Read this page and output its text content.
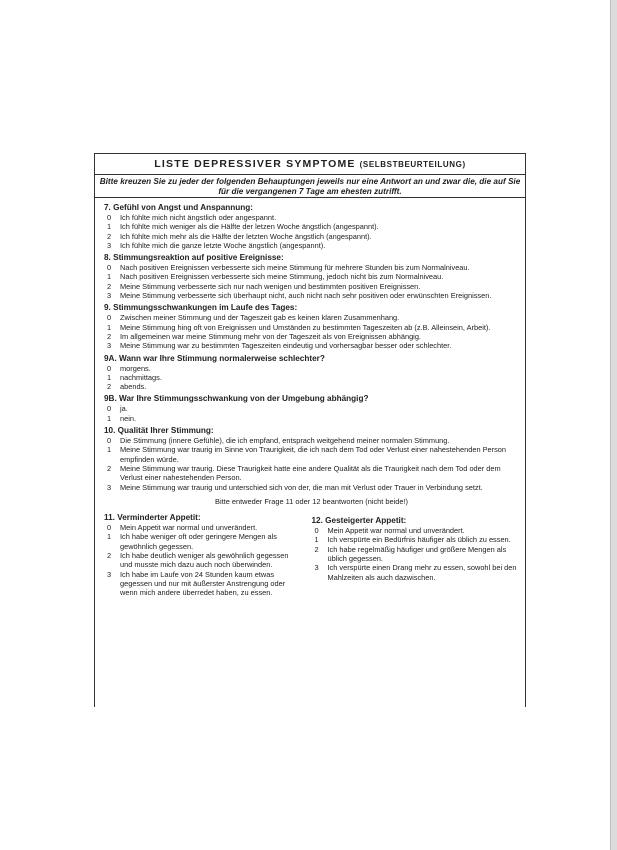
LISTE DEPRESSIVER SYMPTOME (SELBSTBEURTEILUNG)
Bitte kreuzen Sie zu jeder der folgenden Behauptungen jeweils nur eine Antwort an und zwar die, die auf Sie für die vergangenen 7 Tage am ehesten zutrifft.
7. Gefühl von Angst und Anspannung:
0	Ich fühlte mich nicht ängstlich oder angespannt.
1	Ich fühlte mich weniger als die Hälfte der letzen Woche ängstlich (angespannt).
2	Ich fühlte mich mehr als die Hälfte der letzten Woche ängstlich (angespannt).
3	Ich fühlte mich die ganze letzte Woche ängstlich (angespannt).
8. Stimmungsreaktion auf positive Ereignisse:
0	Nach positiven Ereignissen verbesserte sich meine Stimmung für mehrere Stunden bis zum Normalniveau.
1	Nach positiven Ereignissen verbesserte sich meine Stimmung, jedoch nicht bis zum Normalniveau.
2	Meine Stimmung verbesserte sich nur nach wenigen und bestimmten positiven Ereignissen.
3	Meine Stimmung verbesserte sich überhaupt nicht, auch nicht nach sehr positiven oder erwünschten Ereignissen.
9. Stimmungsschwankungen im Laufe des Tages:
0	Zwischen meiner Stimmung und der Tageszeit gab es keinen klaren Zusammenhang.
1	Meine Stimmung hing oft von Ereignissen und Umständen zu bestimmten Tageszeiten ab (z.B. Alleinsein, Arbeit).
2	Im allgemeinen war meine Stimmung mehr von der Tageszeit als von Ereignissen abhängig.
3	Meine Stimmung war zu bestimmten Tageszeiten eindeutig und vorhersagbar besser oder schlechter.
9A. Wann war Ihre Stimmung normalerweise schlechter?
0	morgens.
1	nachmittags.
2	abends.
9B. War Ihre Stimmungsschwankung von der Umgebung abhängig?
0	ja.
1	nein.
10. Qualität Ihrer Stimmung:
0	Die Stimmung (innere Gefühle), die ich empfand, entsprach weitgehend meiner normalen Stimmung.
1	Meine Stimmung war traurig im Sinne von Traurigkeit, die ich nach dem Tod oder Verlust einer nahestehenden Person empfinden würde.
2	Meine Stimmung war traurig. Diese Traurigkeit hatte eine andere Qualität als die Traurigkeit nach dem Tod oder dem Verlust einer nahestehenden Person.
3	Meine Stimmung war traurig und unterschied sich von der, die man mit Verlust oder Trauer in Verbindung setzt.
Bitte entweder Frage 11 oder 12 beantworten (nicht beide!)
11. Verminderter Appetit:
0	Mein Appetit war normal und unverändert.
1	Ich habe weniger oft oder geringere Mengen als gewöhnlich gegessen.
2	Ich habe deutlich weniger als gewöhnlich gegessen und musste mich dazu auch noch überwinden.
3	Ich habe im Laufe von 24 Stunden kaum etwas gegessen und nur mit äußerster Anstrengung oder wenn mich andere überredet haben, zu essen.
12. Gesteigerter Appetit:
0	Mein Appetit war normal und unverändert.
1	Ich verspürte ein Bedürfnis häufiger als üblich zu essen.
2	Ich habe regelmäßig häufiger und größere Mengen als üblich gegessen.
3	Ich verspürte einen Drang mehr zu essen, sowohl bei den Mahlzeiten als auch dazwischen.
